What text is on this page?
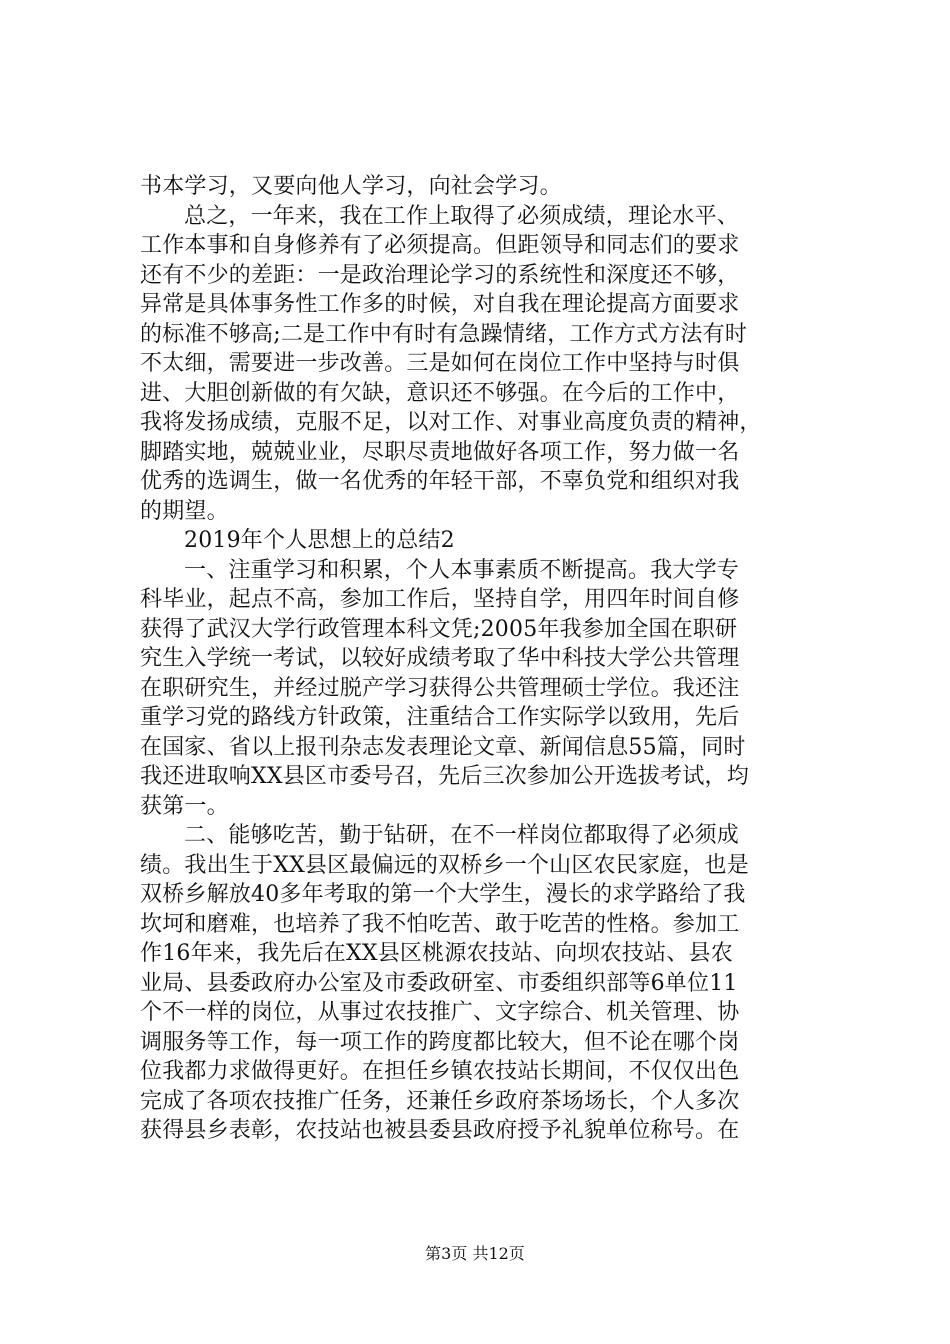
书本学习，又要向他人学习，向社会学习。
总之，一年来，我在工作上取得了必须成绩，理论水平、
工作本事和自身修养有了必须提高。但距领导和同志们的要求
还有不少的差距：一是政治理论学习的系统性和深度还不够，
异常是具体事务性工作多的时候，对自我在理论提高方面要求
的标准不够高;二是工作中有时有急躁情绪，工作方式方法有时
不太细，需要进一步改善。三是如何在岗位工作中坚持与时俱
进、大胆创新做的有欠缺，意识还不够强。在今后的工作中，
我将发扬成绩，克服不足，以对工作、对事业高度负责的精神，
脚踏实地，兢兢业业，尽职尽责地做好各项工作，努力做一名
优秀的选调生，做一名优秀的年轻干部，不辜负党和组织对我
的期望。
2019年个人思想上的总结2
一、注重学习和积累，个人本事素质不断提高。我大学专
科毕业，起点不高，参加工作后，坚持自学，用四年时间自修
获得了武汉大学行政管理本科文凭;2005年我参加全国在职研
究生入学统一考试，以较好成绩考取了华中科技大学公共管理
在职研究生，并经过脱产学习获得公共管理硕士学位。我还注
重学习党的路线方针政策，注重结合工作实际学以致用，先后
在国家、省以上报刊杂志发表理论文章、新闻信息55篇，同时
我还进取响XX县区市委号召，先后三次参加公开选拔考试，均
获第一。
二、能够吃苦，勤于钻研，在不一样岗位都取得了必须成
绩。我出生于XX县区最偏远的双桥乡一个山区农民家庭，也是
双桥乡解放40多年考取的第一个大学生，漫长的求学路给了我
坎坷和磨难，也培养了我不怕吃苦、敢于吃苦的性格。参加工
作16年来，我先后在XX县区桃源农技站、向坝农技站、县农
业局、县委政府办公室及市委政研室、市委组织部等6单位11
个不一样的岗位，从事过农技推广、文字综合、机关管理、协
调服务等工作，每一项工作的跨度都比较大，但不论在哪个岗
位我都力求做得更好。在担任乡镇农技站长期间，不仅仅出色
完成了各项农技推广任务，还兼任乡政府茶场场长，个人多次
获得县乡表彰，农技站也被县委县政府授予礼貌单位称号。在
第3页 共12页
